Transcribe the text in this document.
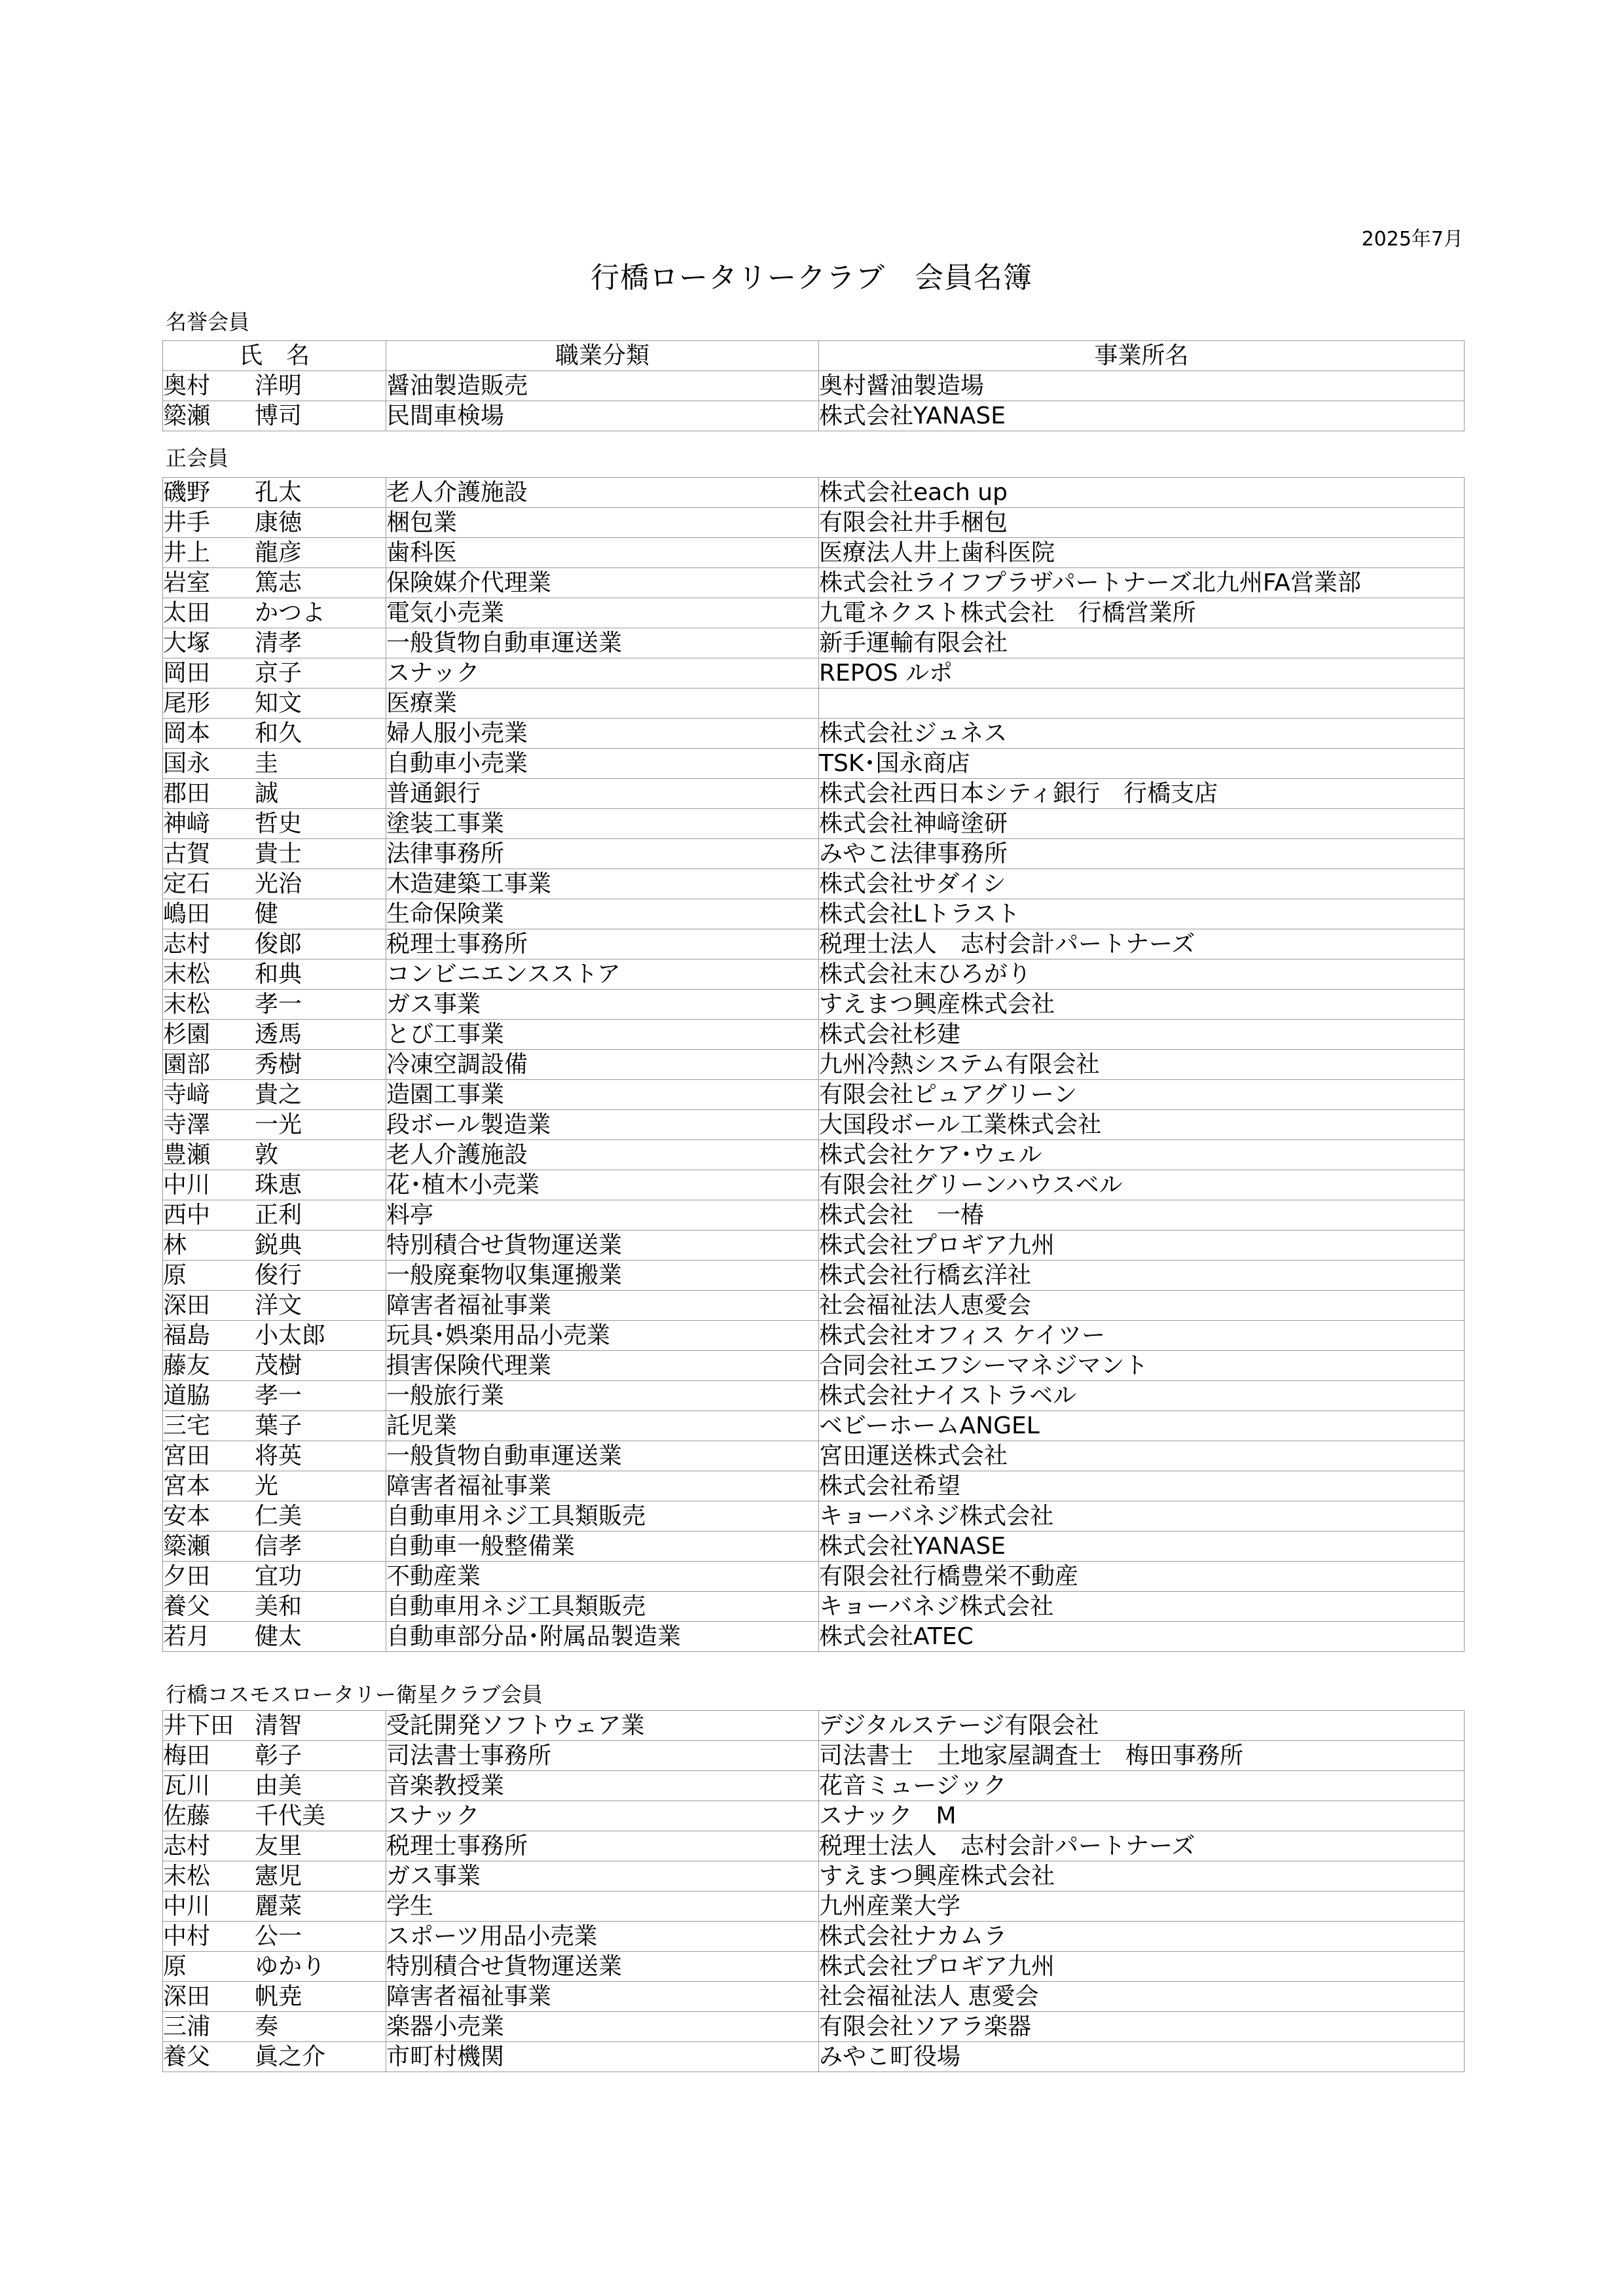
2025年7月
行橋ロータリークラブ　会員名簿
名誉会員
氏　名	職業分類	事業所名
奥村 洋明	醤油製造販売	奥村醤油製造場
簗瀬 博司	民間車検場	株式会社YANASE
正会員
磯野 孔太	老人介護施設	株式会社each up
井手 康徳	梱包業	有限会社井手梱包
井上 龍彦	歯科医	医療法人井上歯科医院
岩室 篤志	保険媒介代理業	株式会社ライフプラザパートナーズ北九州FA営業部
太田 かつよ	電気小売業	九電ネクスト株式会社　行橋営業所
大塚 清孝	一般貨物自動車運送業	新手運輸有限会社
岡田 京子	スナック	REPOS ルポ
尾形 知文	医療業	
岡本 和久	婦人服小売業	株式会社ジュネス
国永 圭	自動車小売業	TSK･国永商店
郡田 誠	普通銀行	株式会社西日本シティ銀行　行橋支店
神﨑 哲史	塗装工事業	株式会社神﨑塗研
古賀 貴士	法律事務所	みやこ法律事務所
定石 光治	木造建築工事業	株式会社サダイシ
嶋田 健	生命保険業	株式会社Lトラスト
志村 俊郎	税理士事務所	税理士法人　志村会計パートナーズ
末松 和典	コンビニエンスストア	株式会社末ひろがり
末松 孝一	ガス事業	すえまつ興産株式会社
杉園 透馬	とび工事業	株式会社杉建
園部 秀樹	冷凍空調設備	九州冷熱システム有限会社
寺﨑 貴之	造園工事業	有限会社ピュアグリーン
寺澤 一光	段ボール製造業	大国段ボール工業株式会社
豊瀬 敦	老人介護施設	株式会社ケア･ウェル
中川 珠恵	花･植木小売業	有限会社グリーンハウスベル
西中 正利	料亭	株式会社　一椿
林 鋭典	特別積合せ貨物運送業	株式会社プロギア九州
原 俊行	一般廃棄物収集運搬業	株式会社行橋玄洋社
深田 洋文	障害者福祉事業	社会福祉法人恵愛会
福島 小太郎	玩具･娯楽用品小売業	株式会社オフィス ケイツー
藤友 茂樹	損害保険代理業	合同会社エフシーマネジマント
道脇 孝一	一般旅行業	株式会社ナイストラベル
三宅 葉子	託児業	ベビーホームANGEL
宮田 将英	一般貨物自動車運送業	宮田運送株式会社
宮本 光	障害者福祉事業	株式会社希望
安本 仁美	自動車用ネジ工具類販売	キョーバネジ株式会社
簗瀬 信孝	自動車一般整備業	株式会社YANASE
夕田 宜功	不動産業	有限会社行橋豊栄不動産
養父 美和	自動車用ネジ工具類販売	キョーバネジ株式会社
若月 健太	自動車部分品･附属品製造業	株式会社ATEC
行橋コスモスロータリー衛星クラブ会員
井下田 清智	受託開発ソフトウェア業	デジタルステージ有限会社
梅田 彰子	司法書士事務所	司法書士　土地家屋調査士　梅田事務所
瓦川 由美	音楽教授業	花音ミュージック
佐藤 千代美	スナック	スナック　M
志村 友里	税理士事務所	税理士法人　志村会計パートナーズ
末松 憲児	ガス事業	すえまつ興産株式会社
中川 麗菜	学生	九州産業大学
中村 公一	スポーツ用品小売業	株式会社ナカムラ
原 ゆかり	特別積合せ貨物運送業	株式会社プロギア九州
深田 帆尭	障害者福祉事業	社会福祉法人 恵愛会
三浦 奏	楽器小売業	有限会社ソアラ楽器
養父 眞之介	市町村機関	みやこ町役場
